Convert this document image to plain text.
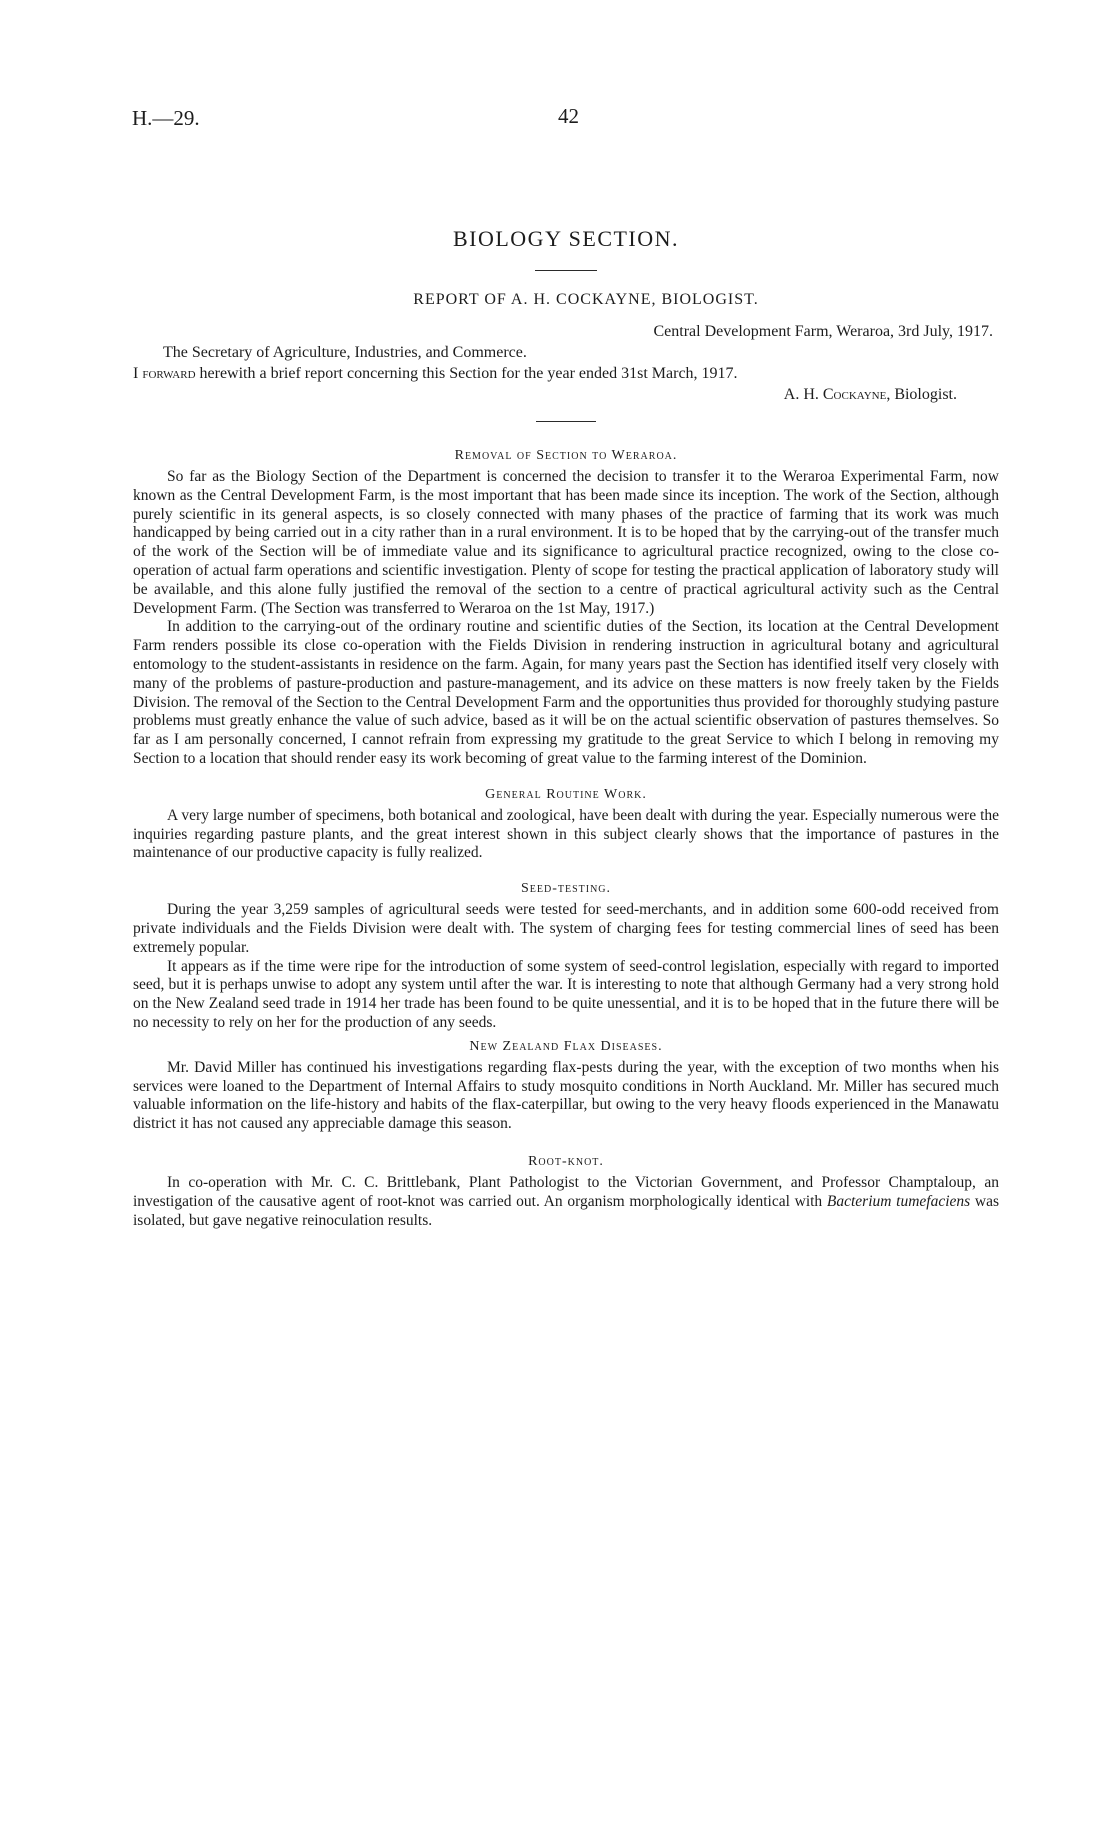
H.—29.	42
BIOLOGY SECTION.
REPORT OF A. H. COCKAYNE, BIOLOGIST.
Central Development Farm, Weraroa, 3rd July, 1917.
The Secretary of Agriculture, Industries, and Commerce.
I forward herewith a brief report concerning this Section for the year ended 31st March, 1917.
A. H. Cockayne, Biologist.
Removal of Section to Weraroa.

So far as the Biology Section of the Department is concerned the decision to transfer it to the Weraroa Experimental Farm, now known as the Central Development Farm, is the most important that has been made since its inception. The work of the Section, although purely scientific in its general aspects, is so closely connected with many phases of the practice of farming that its work was much handicapped by being carried out in a city rather than in a rural environment. It is to be hoped that by the carrying-out of the transfer much of the work of the Section will be of immediate value and its significance to agricultural practice recognized, owing to the close co-operation of actual farm operations and scientific investigation. Plenty of scope for testing the practical application of laboratory study will be available, and this alone fully justified the removal of the section to a centre of practical agricultural activity such as the Central Development Farm. (The Section was transferred to Weraroa on the 1st May, 1917.)

In addition to the carrying-out of the ordinary routine and scientific duties of the Section, its location at the Central Development Farm renders possible its close co-operation with the Fields Division in rendering instruction in agricultural botany and agricultural entomology to the student-assistants in residence on the farm. Again, for many years past the Section has identified itself very closely with many of the problems of pasture-production and pasture-management, and its advice on these matters is now freely taken by the Fields Division. The removal of the Section to the Central Development Farm and the opportunities thus provided for thoroughly studying pasture problems must greatly enhance the value of such advice, based as it will be on the actual scientific observation of pastures themselves. So far as I am personally concerned, I cannot refrain from expressing my gratitude to the great Service to which I belong in removing my Section to a location that should render easy its work becoming of great value to the farming interest of the Dominion.

General Routine Work.

A very large number of specimens, both botanical and zoological, have been dealt with during the year. Especially numerous were the inquiries regarding pasture plants, and the great interest shown in this subject clearly shows that the importance of pastures in the maintenance of our productive capacity is fully realized.

Seed-testing.

During the year 3,259 samples of agricultural seeds were tested for seed-merchants, and in addition some 600-odd received from private individuals and the Fields Division were dealt with. The system of charging fees for testing commercial lines of seed has been extremely popular.

It appears as if the time were ripe for the introduction of some system of seed-control legislation, especially with regard to imported seed, but it is perhaps unwise to adopt any system until after the war. It is interesting to note that although Germany had a very strong hold on the New Zealand seed trade in 1914 her trade has been found to be quite unessential, and it is to be hoped that in the future there will be no necessity to rely on her for the production of any seeds.

New Zealand Flax Diseases.

Mr. David Miller has continued his investigations regarding flax-pests during the year, with the exception of two months when his services were loaned to the Department of Internal Affairs to study mosquito conditions in North Auckland. Mr. Miller has secured much valuable information on the life-history and habits of the flax-caterpillar, but owing to the very heavy floods experienced in the Manawatu district it has not caused any appreciable damage this season.

Root-knot.

In co-operation with Mr. C. C. Brittlebank, Plant Pathologist to the Victorian Government, and Professor Champtaloup, an investigation of the causative agent of root-knot was carried out. An organism morphologically identical with Bacterium tumefaciens was isolated, but gave negative reinoculation results.
